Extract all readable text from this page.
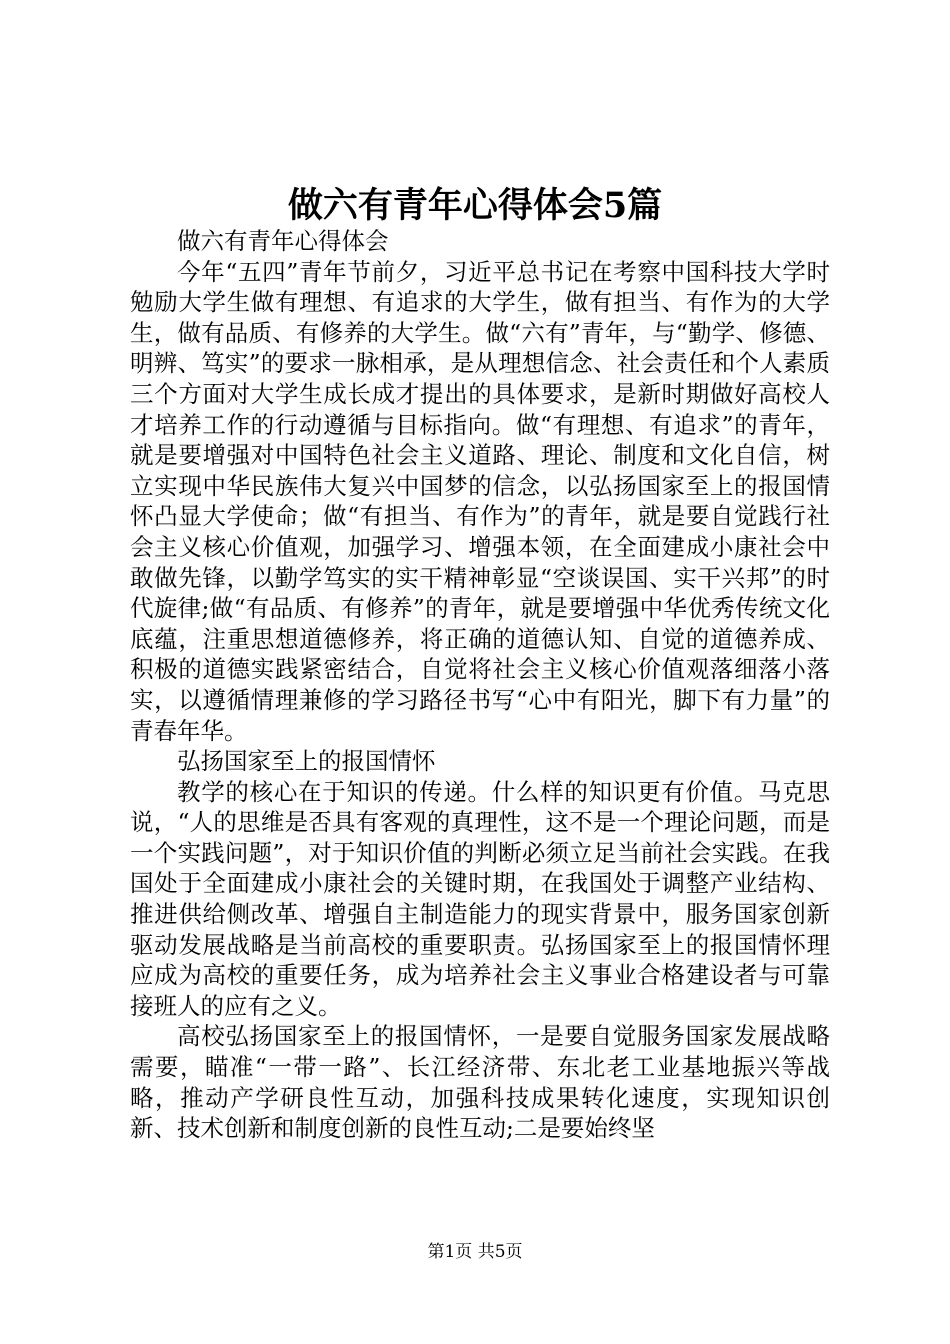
做六有青年心得体会5篇

做六有青年心得体会

今年“五四”青年节前夕，习近平总书记在考察中国科技大学时勉励大学生做有理想、有追求的大学生，做有担当、有作为的大学生，做有品质、有修养的大学生。做“六有”青年，与“勤学、修德、明辨、笃实”的要求一脉相承，是从理想信念、社会责任和个人素质三个方面对大学生成长成才提出的具体要求，是新时期做好高校人才培养工作的行动遵循与目标指向。做“有理想、有追求”的青年，就是要增强对中国特色社会主义道路、理论、制度和文化自信，树立实现中华民族伟大复兴中国梦的信念，以弘扬国家至上的报国情怀凸显大学使命；做“有担当、有作为”的青年，就是要自觉践行社会主义核心价值观，加强学习、增强本领，在全面建成小康社会中敢做先锋，以勤学笃实的实干精神彰显“空谈误国、实干兴邦”的时代旋律;做“有品质、有修养”的青年，就是要增强中华优秀传统文化底蕴，注重思想道德修养，将正确的道德认知、自觉的道德养成、积极的道德实践紧密结合，自觉将社会主义核心价值观落细落小落实，以遵循情理兼修的学习路径书写“心中有阳光，脚下有力量”的青春年华。

弘扬国家至上的报国情怀

教学的核心在于知识的传递。什么样的知识更有价值。马克思说，“人的思维是否具有客观的真理性，这不是一个理论问题，而是一个实践问题”，对于知识价值的判断必须立足当前社会实践。在我国处于全面建成小康社会的关键时期，在我国处于调整产业结构、推进供给侧改革、增强自主制造能力的现实背景中，服务国家创新驱动发展战略是当前高校的重要职责。弘扬国家至上的报国情怀理应成为高校的重要任务，成为培养社会主义事业合格建设者与可靠接班人的应有之义。

高校弘扬国家至上的报国情怀，一是要自觉服务国家发展战略需要，瞄准“一带一路”、长江经济带、东北老工业基地振兴等战略，推动产学研良性互动，加强科技成果转化速度，实现知识创新、技术创新和制度创新的良性互动;二是要始终坚

第1页 共5页
